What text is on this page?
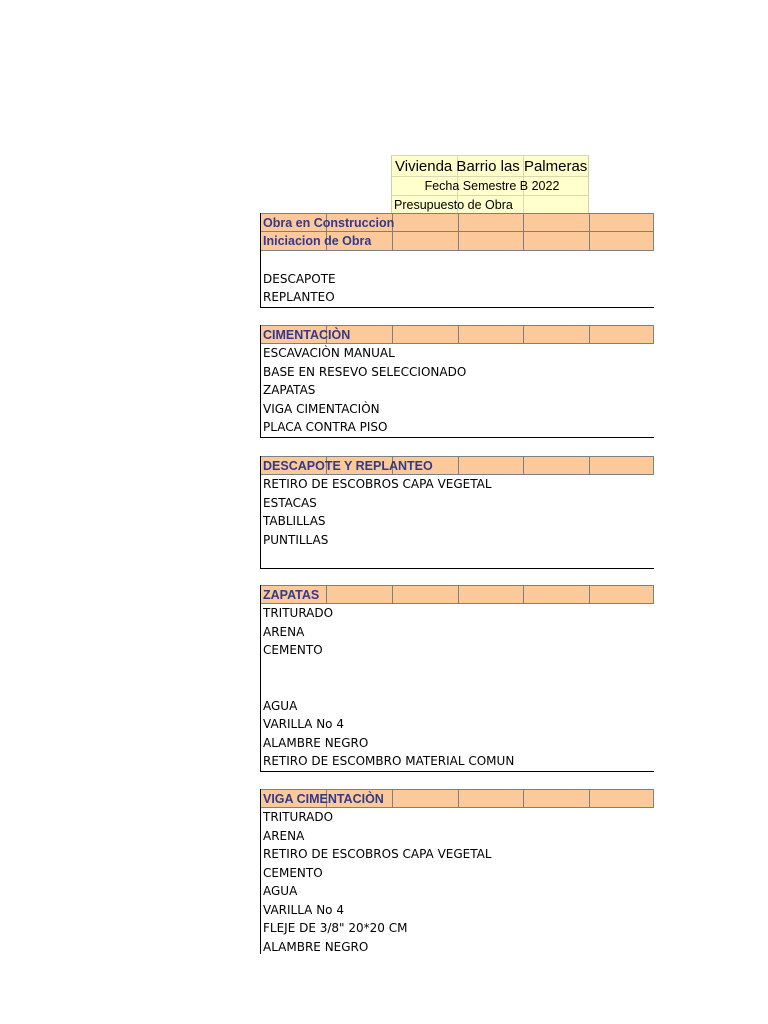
Vivienda Barrio las Palmeras
Fecha Semestre B 2022
Presupuesto de Obra
Obra en Construccion
Iniciacion de Obra
DESCAPOTE
REPLANTEO
CIMENTACIÒN
ESCAVACIÒN MANUAL
BASE EN RESEVO SELECCIONADO
ZAPATAS
VIGA CIMENTACIÒN
PLACA CONTRA PISO
DESCAPOTE Y REPLANTEO
RETIRO DE ESCOBROS CAPA VEGETAL
ESTACAS
TABLILLAS
PUNTILLAS
ZAPATAS
TRITURADO
ARENA
CEMENTO
AGUA
VARILLA No 4
ALAMBRE NEGRO
RETIRO DE ESCOMBRO MATERIAL COMUN
VIGA CIMENTACIÒN
TRITURADO
ARENA
RETIRO DE ESCOBROS CAPA VEGETAL
CEMENTO
AGUA
VARILLA No 4
FLEJE DE 3/8" 20*20 CM
ALAMBRE NEGRO
